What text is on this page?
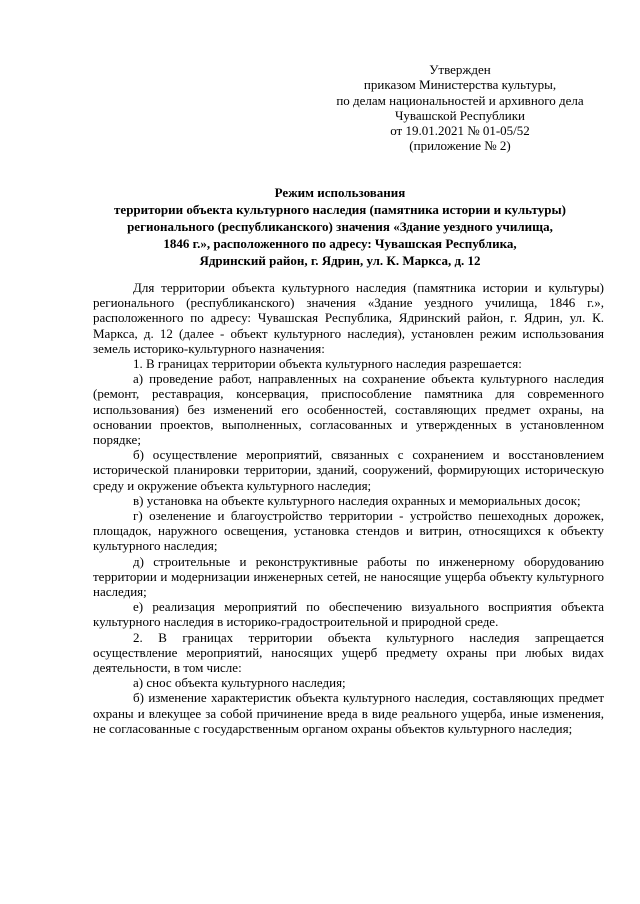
Утвержден
приказом Министерства культуры,
по делам национальностей и архивного дела
Чувашской Республики
от 19.01.2021 № 01-05/52
(приложение № 2)
Режим использования
территории объекта культурного наследия (памятника истории и культуры)
регионального (республиканского) значения «Здание уездного училища,
1846 г.», расположенного по адресу: Чувашская Республика,
Ядринский район, г. Ядрин, ул. К. Маркса, д. 12

Для территории объекта культурного наследия (памятника истории и культуры) регионального (республиканского) значения «Здание уездного училища, 1846 г.», расположенного по адресу: Чувашская Республика, Ядринский район, г. Ядрин, ул. К. Маркса, д. 12 (далее - объект культурного наследия), установлен режим использования земель историко-культурного назначения:

1. В границах территории объекта культурного наследия разрешается:

а) проведение работ, направленных на сохранение объекта культурного наследия (ремонт, реставрация, консервация, приспособление памятника для современного использования) без изменений его особенностей, составляющих предмет охраны, на основании проектов, выполненных, согласованных и утвержденных в установленном порядке;

б) осуществление мероприятий, связанных с сохранением и восстановлением исторической планировки территории, зданий, сооружений, формирующих историческую среду и окружение объекта культурного наследия;

в) установка на объекте культурного наследия охранных и мемориальных досок;

г) озеленение и благоустройство территории - устройство пешеходных дорожек, площадок, наружного освещения, установка стендов и витрин, относящихся к объекту культурного наследия;

д) строительные и реконструктивные работы по инженерному оборудованию территории и модернизации инженерных сетей, не наносящие ущерба объекту культурного наследия;

е) реализация мероприятий по обеспечению визуального восприятия объекта культурного наследия в историко-градостроительной и природной среде.

2. В границах территории объекта культурного наследия запрещается осуществление мероприятий, наносящих ущерб предмету охраны при любых видах деятельности, в том числе:

а) снос объекта культурного наследия;

б) изменение характеристик объекта культурного наследия, составляющих предмет охраны и влекущее за собой причинение вреда в виде реального ущерба, иные изменения, не согласованные с государственным органом охраны объектов культурного наследия;
